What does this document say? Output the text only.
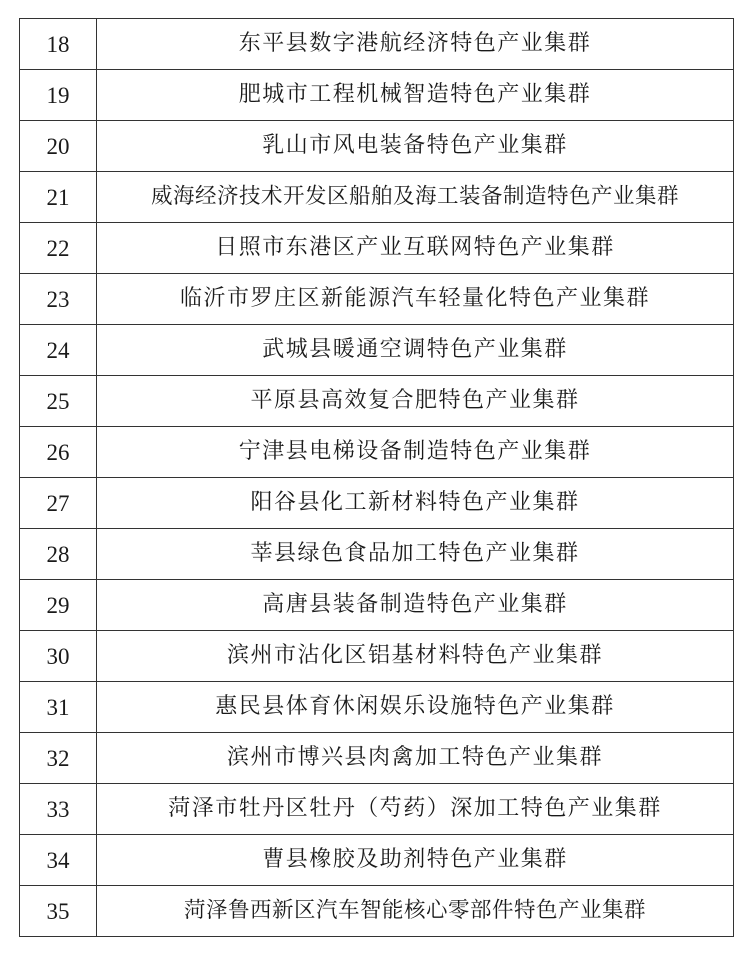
18	东平县数字港航经济特色产业集群
19	肥城市工程机械智造特色产业集群
20	乳山市风电装备特色产业集群
21	威海经济技术开发区船舶及海工装备制造特色产业集群
22	日照市东港区产业互联网特色产业集群
23	临沂市罗庄区新能源汽车轻量化特色产业集群
24	武城县暖通空调特色产业集群
25	平原县高效复合肥特色产业集群
26	宁津县电梯设备制造特色产业集群
27	阳谷县化工新材料特色产业集群
28	莘县绿色食品加工特色产业集群
29	高唐县装备制造特色产业集群
30	滨州市沾化区铝基材料特色产业集群
31	惠民县体育休闲娱乐设施特色产业集群
32	滨州市博兴县肉禽加工特色产业集群
33	菏泽市牡丹区牡丹（芍药）深加工特色产业集群
34	曹县橡胶及助剂特色产业集群
35	菏泽鲁西新区汽车智能核心零部件特色产业集群
